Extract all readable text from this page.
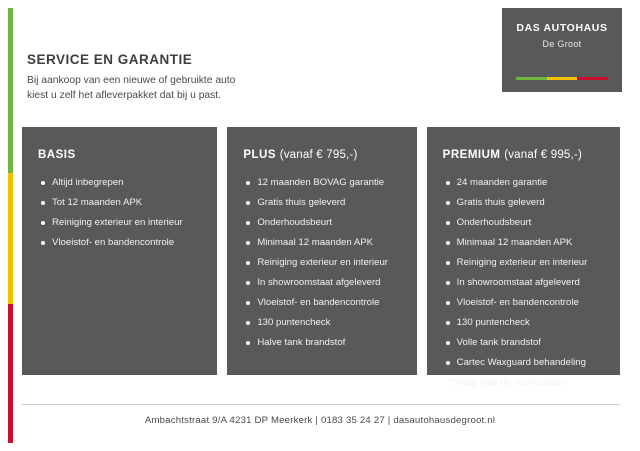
DAS AUTOHAUS
De Groot
SERVICE EN GARANTIE

Bij aankoop van een nieuwe of gebruikte auto
kiest u zelf het afleverpakket dat bij u past.

BASIS
Altijd inbegrepen
Tot 12 maanden APK
Reiniging exterieur en interieur
Vloeistof- en bandencontrole
PLUS (vanaf € 795,-)
12 maanden BOVAG garantie
Gratis thuis geleverd
Onderhoudsbeurt
Minimaal 12 maanden APK
Reiniging exterieur en interieur
In showroomstaat afgeleverd
Vloeistof- en bandencontrole
130 puntencheck
Halve tank brandstof
PREMIUM (vanaf € 995,-)
24 maanden garantie
Gratis thuis geleverd
Onderhoudsbeurt
Minimaal 12 maanden APK
Reiniging exterieur en interieur
In showroomstaat afgeleverd
Vloeistof- en bandencontrole
130 puntencheck
Volle tank brandstof
Cartec Waxguard behandeling
*Vraag naar de voorwaarden
Ambachtstraat 9/A 4231 DP Meerkerk | 0183 35 24 27 | dasautohausdegroot.nl
